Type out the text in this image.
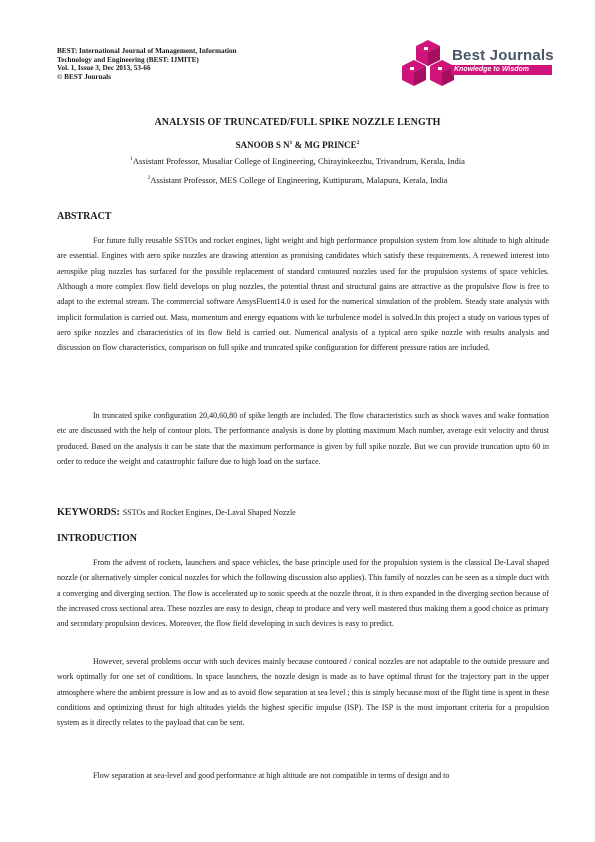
BEST: International Journal of Management, Information
Technology and Engineering (BEST: IJMITE)
Vol. 1, Issue 3, Dec 2013, 53-66
© BEST Journals
Best Journals
Knowledge to Wisdom
ANALYSIS OF TRUNCATED/FULL SPIKE NOZZLE LENGTH
SANOOB S $N^1$ & MG PRINCE$^2$
$^1$Assistant Professor, Musaliar College of Engineering, Chirayinkeezhu, Trivandrum, Kerala, India
$^2$Assistant Professor, MES College of Engineering, Kuttipuram, Malapura, Kerala, India
ABSTRACT

For future fully reusable SSTOs and rocket engines, light weight and high performance propulsion system from low altitude to high altitude are essential. Engines with aero spike nozzles are drawing attention as promising candidates which satisfy these requirements. A renewed interest into aerospike plug nozzles has surfaced for the possible replacement of standard contoured nozzles used for the propulsion systems of space vehicles. Although a more complex flow field develops on plug nozzles, the potential thrust and structural gains are attractive as the propulsive flow is free to adapt to the external stream. The commercial software AnsysFluent14.0 is used for the numerical simulation of the problem. Steady state analysis with implicit formulation is carried out. Mass, momentum and energy equations with ke turbulence model is solved.In this project a study on various types of aero spike nozzles and characteristics of its flow field is carried out. Numerical analysis of a typical aero spike nozzle with results analysis and discussion on flow characteristics, comparison on full spike and truncated spike configuration for different pressure ratios are included.

In truncated spike configuration 20,40,60,80 of spike length are included. The flow characteristics such as shock waves and wake formation etc are discussed with the help of contour plots. The performance analysis is done by plotting maximum Mach number, average exit velocity and thrust produced. Based on the analysis it can be state that the maximum performance is given by full spike nozzle. But we can provide truncation upto 60 in order to reduce the weight and catastrophic failure due to high load on the surface.

KEYWORDS: SSTOs and Rocket Engines, De-Laval Shaped Nozzle
INTRODUCTION

From the advent of rockets, launchers and space vehicles, the base principle used for the propulsion system is the classical De-Laval shaped nozzle (or alternatively simpler conical nozzles for which the following discussion also applies). This family of nozzles can be seen as a simple duct with a converging and diverging section. The flow is accelerated up to sonic speeds at the nozzle throat, it is then expanded in the diverging section because of the increased cross sectional area. These nozzles are easy to design, cheap to produce and very well mastered thus making them a good choice as primary and secondary propulsion devices. Moreover, the flow field developing in such devices is easy to predict.

However, several problems occur with such devices mainly because contoured / conical nozzles are not adaptable to the outside pressure and work optimally for one set of conditions. In space launchers, the nozzle design is made as to have optimal thrust for the trajectory part in the upper atmosphere where the ambient pressure is low and as to avoid flow separation at sea level ; this is simply because most of the flight time is spent in these conditions and optimizing thrust for high altitudes yields the highest specific impulse (ISP). The ISP is the most important criteria for a propulsion system as it directly relates to the payload that can be sent.

Flow separation at sea-level and good performance at high altitude are not compatible in terms of design and to
